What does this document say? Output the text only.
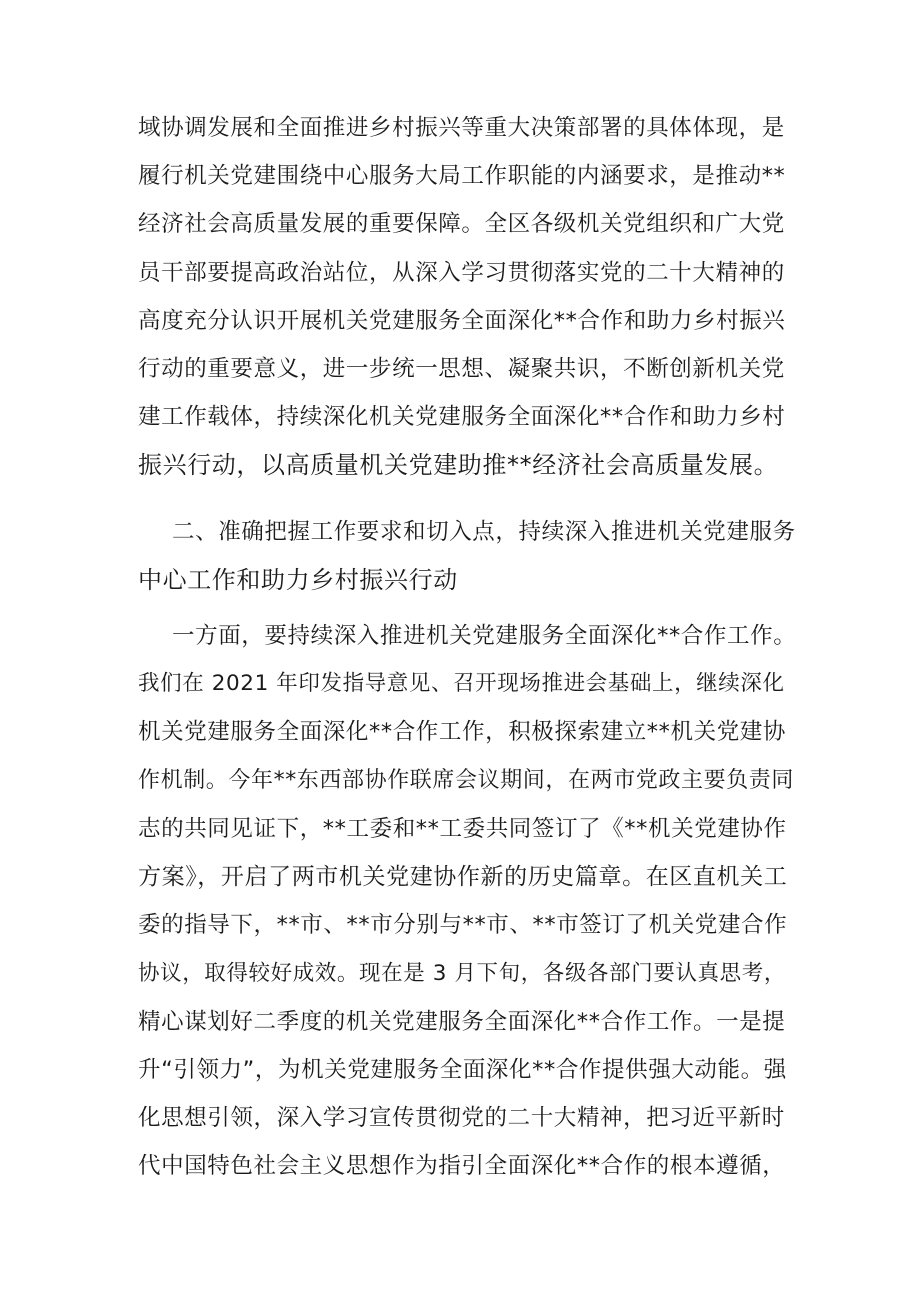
域协调发展和全面推进乡村振兴等重大决策部署的具体体现，是
履行机关党建围绕中心服务大局工作职能的内涵要求，是推动**
经济社会高质量发展的重要保障。全区各级机关党组织和广大党
员干部要提高政治站位，从深入学习贯彻落实党的二十大精神的
高度充分认识开展机关党建服务全面深化**合作和助力乡村振兴
行动的重要意义，进一步统一思想、凝聚共识，不断创新机关党
建工作载体，持续深化机关党建服务全面深化**合作和助力乡村
振兴行动，以高质量机关党建助推**经济社会高质量发展。
二、准确把握工作要求和切入点，持续深入推进机关党建服务
中心工作和助力乡村振兴行动
一方面，要持续深入推进机关党建服务全面深化**合作工作。
我们在 2021 年印发指导意见、召开现场推进会基础上，继续深化
机关党建服务全面深化**合作工作，积极探索建立**机关党建协
作机制。今年**东西部协作联席会议期间，在两市党政主要负责同
志的共同见证下，**工委和**工委共同签订了《**机关党建协作
方案》，开启了两市机关党建协作新的历史篇章。在区直机关工
委的指导下，**市、**市分别与**市、**市签订了机关党建合作
协议，取得较好成效。现在是 3 月下旬，各级各部门要认真思考，
精心谋划好二季度的机关党建服务全面深化**合作工作。一是提
升“引领力”，为机关党建服务全面深化**合作提供强大动能。强
化思想引领，深入学习宣传贯彻党的二十大精神，把习近平新时
代中国特色社会主义思想作为指引全面深化**合作的根本遵循，
